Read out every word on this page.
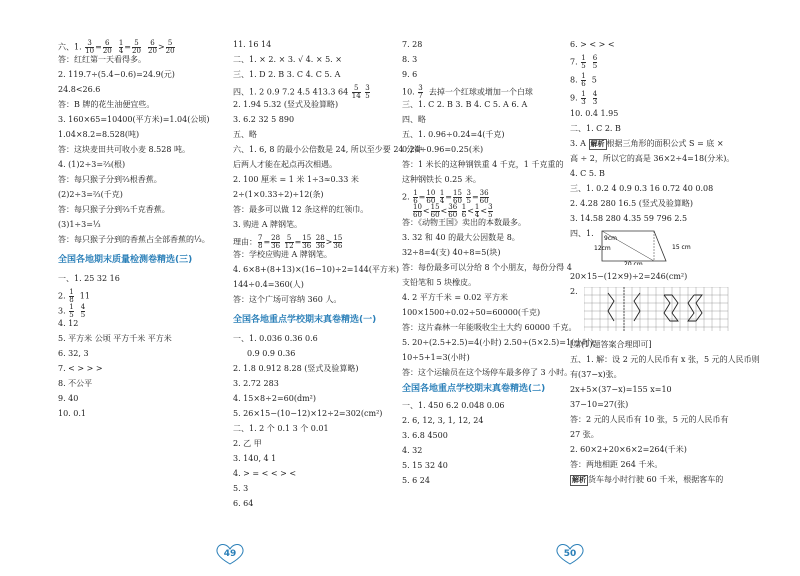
六、1. $\frac{3}{10} = \frac{6}{20}$
$\frac{1}{4} = \frac{5}{20}$
$\frac{6}{20} > \frac{5}{20}$
答：红红第一天看得多。
2. 119.7÷(5.4−0.6)=24.9(元)
24.8<26.6
答：B 牌的花生油便宜些。
3. 160×65=10400(平方米)=1.04(公顷)
1.04×8.2=8.528(吨)
答：这块麦田共可收小麦 8.528 吨。
4. (1)2÷3=⅔(根)
答：每只猴子分到⅔根香蕉。
(2)2÷3=⅔(千克)
答：每只猴子分到⅔千克香蕉。
(3)1÷3=⅓
答：每只猴子分到的香蕉占全部香蕉的⅓。
全国各地期末质量检测卷精选(三)
一、1. 25 32 16
2. $\frac{1}{8} 11$
3. $\frac{1}{5}$
$\frac{4}{5}$
4. 12
5. 平方米 公顷 平方千米 平方米
6. 32, 3
7. < > > >
8. 不公平
9. 40
10. 0.1
11. 16 14
二、1. × 2. × 3. √ 4. × 5. ×
三、1. D 2. B 3. C 4. C 5. A
四、1. 2 0.9 7.2 4.5 413.3 $64 \frac{5}{14}$
$\frac{3}{5}$
2. 1.94 5.32 (竖式及验算略)
3. 6.2 32 5 890
五、略
六、1. 6, 8 的最小公倍数是 24, 所以至少要 24 分钟
后两人才能在起点再次相遇。
2. 100 厘米 = 1 米 1÷3≈0.33 米
2÷(1×0.33÷2)÷12(条)
答：最多可以做 12 条这样的红领巾。
3. 购进 A 牌钢笔。
理由： $\frac{7}{8} = \frac{28}{36}$
$\frac{5}{12} = \frac{15}{36}$
$\frac{28}{36} > \frac{15}{36}$
答：学校应购进 A 牌钢笔。
4. 6×8+(8+13)×(16−10)÷2=144(平方米)
144÷0.4=360(人)
答：这个广场可容纳 360 人。
全国各地重点学校期末真卷精选(一)
一、1. 0.036 0.36 0.6
0.9 0.9 0.36
2. 1.8 0.912 8.28 (竖式及验算略)
3. 2.72 283
4. 15×8÷2=60(dm²)
5. 26×15−(10−12)×12÷2=302(cm²)
二、1. 2 个 0.1 3 个 0.01
2. 乙 甲
3. 140, 4 1
4. > = < < > <
5. 3
6. 64
7. 28
8. 3
9. 6
10. $\frac{3}{7}$ 去掉一个红球或增加一个白球
三、1. C 2. B 3. B 4. C 5. A 6. A
四、略
五、1. 0.96÷0.24=4(千克)
0.24÷0.96=0.25(米)
答：1 米长的这种钢铁重 4 千克，1 千克重的
这种钢铁长 0.25 米。
2. $\frac{1}{6} = \frac{10}{60}$
$\frac{1}{4} = \frac{15}{60}$
$\frac{3}{5} = \frac{36}{60}$
$\frac{10}{60} < \frac{15}{60} < \frac{36}{60}$
$\frac{1}{6} < \frac{1}{4} < \frac{3}{5}$
答：《动物王国》卖出的本数最多。
3. 32 和 40 的最大公因数是 8。
32÷8=4(支) 40÷8=5(块)
答：每份最多可以分给 8 个小朋友，每份分得 4
支铅笔和 5 块橡皮。
4. 2 平方千米 = 0.02 平方米
100×1500÷0.02÷50=60000(千克)
答：这片森林一年能吸收尘土大约 60000 千克。
5. 20÷(2.5+2.5)=4(小时) 2.50÷(5×2.5)=1(小时)
10÷5+1=3(小时)
答：这个运输员在这个场停车最多停了 3 小时。
全国各地重点学校期末真卷精选(二)
一、1. 450 6.2 0.048 0.06
2. 6, 12, 3, 1, 12, 24
3. 6.8 4500
4. 32
5. 15 32 40
5. 6 24
6. > < > <
7. $\frac{1}{5}$
$\frac{6}{5}$
8. $\frac{1}{6} 5$
9. $\frac{1}{3}$
$\frac{4}{3}$
10. 0.4 1.95
二、1. C 2. B
3. A 解析 根据三角形的面积公式 S = 底 ×
高 ÷ 2，所以它的高是 36×2÷4=18(分米)。
4. C 5. B
三、1. 0.2 4 0.9 0.3 16 0.72 40 0.08
2. 4.28 280 16.5 (竖式及验算略)
3. 14.58 280 4.35 59 796 2.5
四、1.
9cm
12cm	15 cm
20 cm
20×15−(12×9)÷2=246(cm²)
2.
[第(1)题答案合理即可]
五、1. 解：设 2 元的人民币有 x 张，5 元的人民币则
有(37−x)张。
2x+5×(37−x)=155 x=10
37−10=27(张)
答：2 元的人民币有 10 张，5 元的人民币有
27 张。
2. 60×2+20×6×2=264(千米)
答：两地相距 264 千米。
解析 货车每小时行驶 60 千米，根据客车的
49	50
